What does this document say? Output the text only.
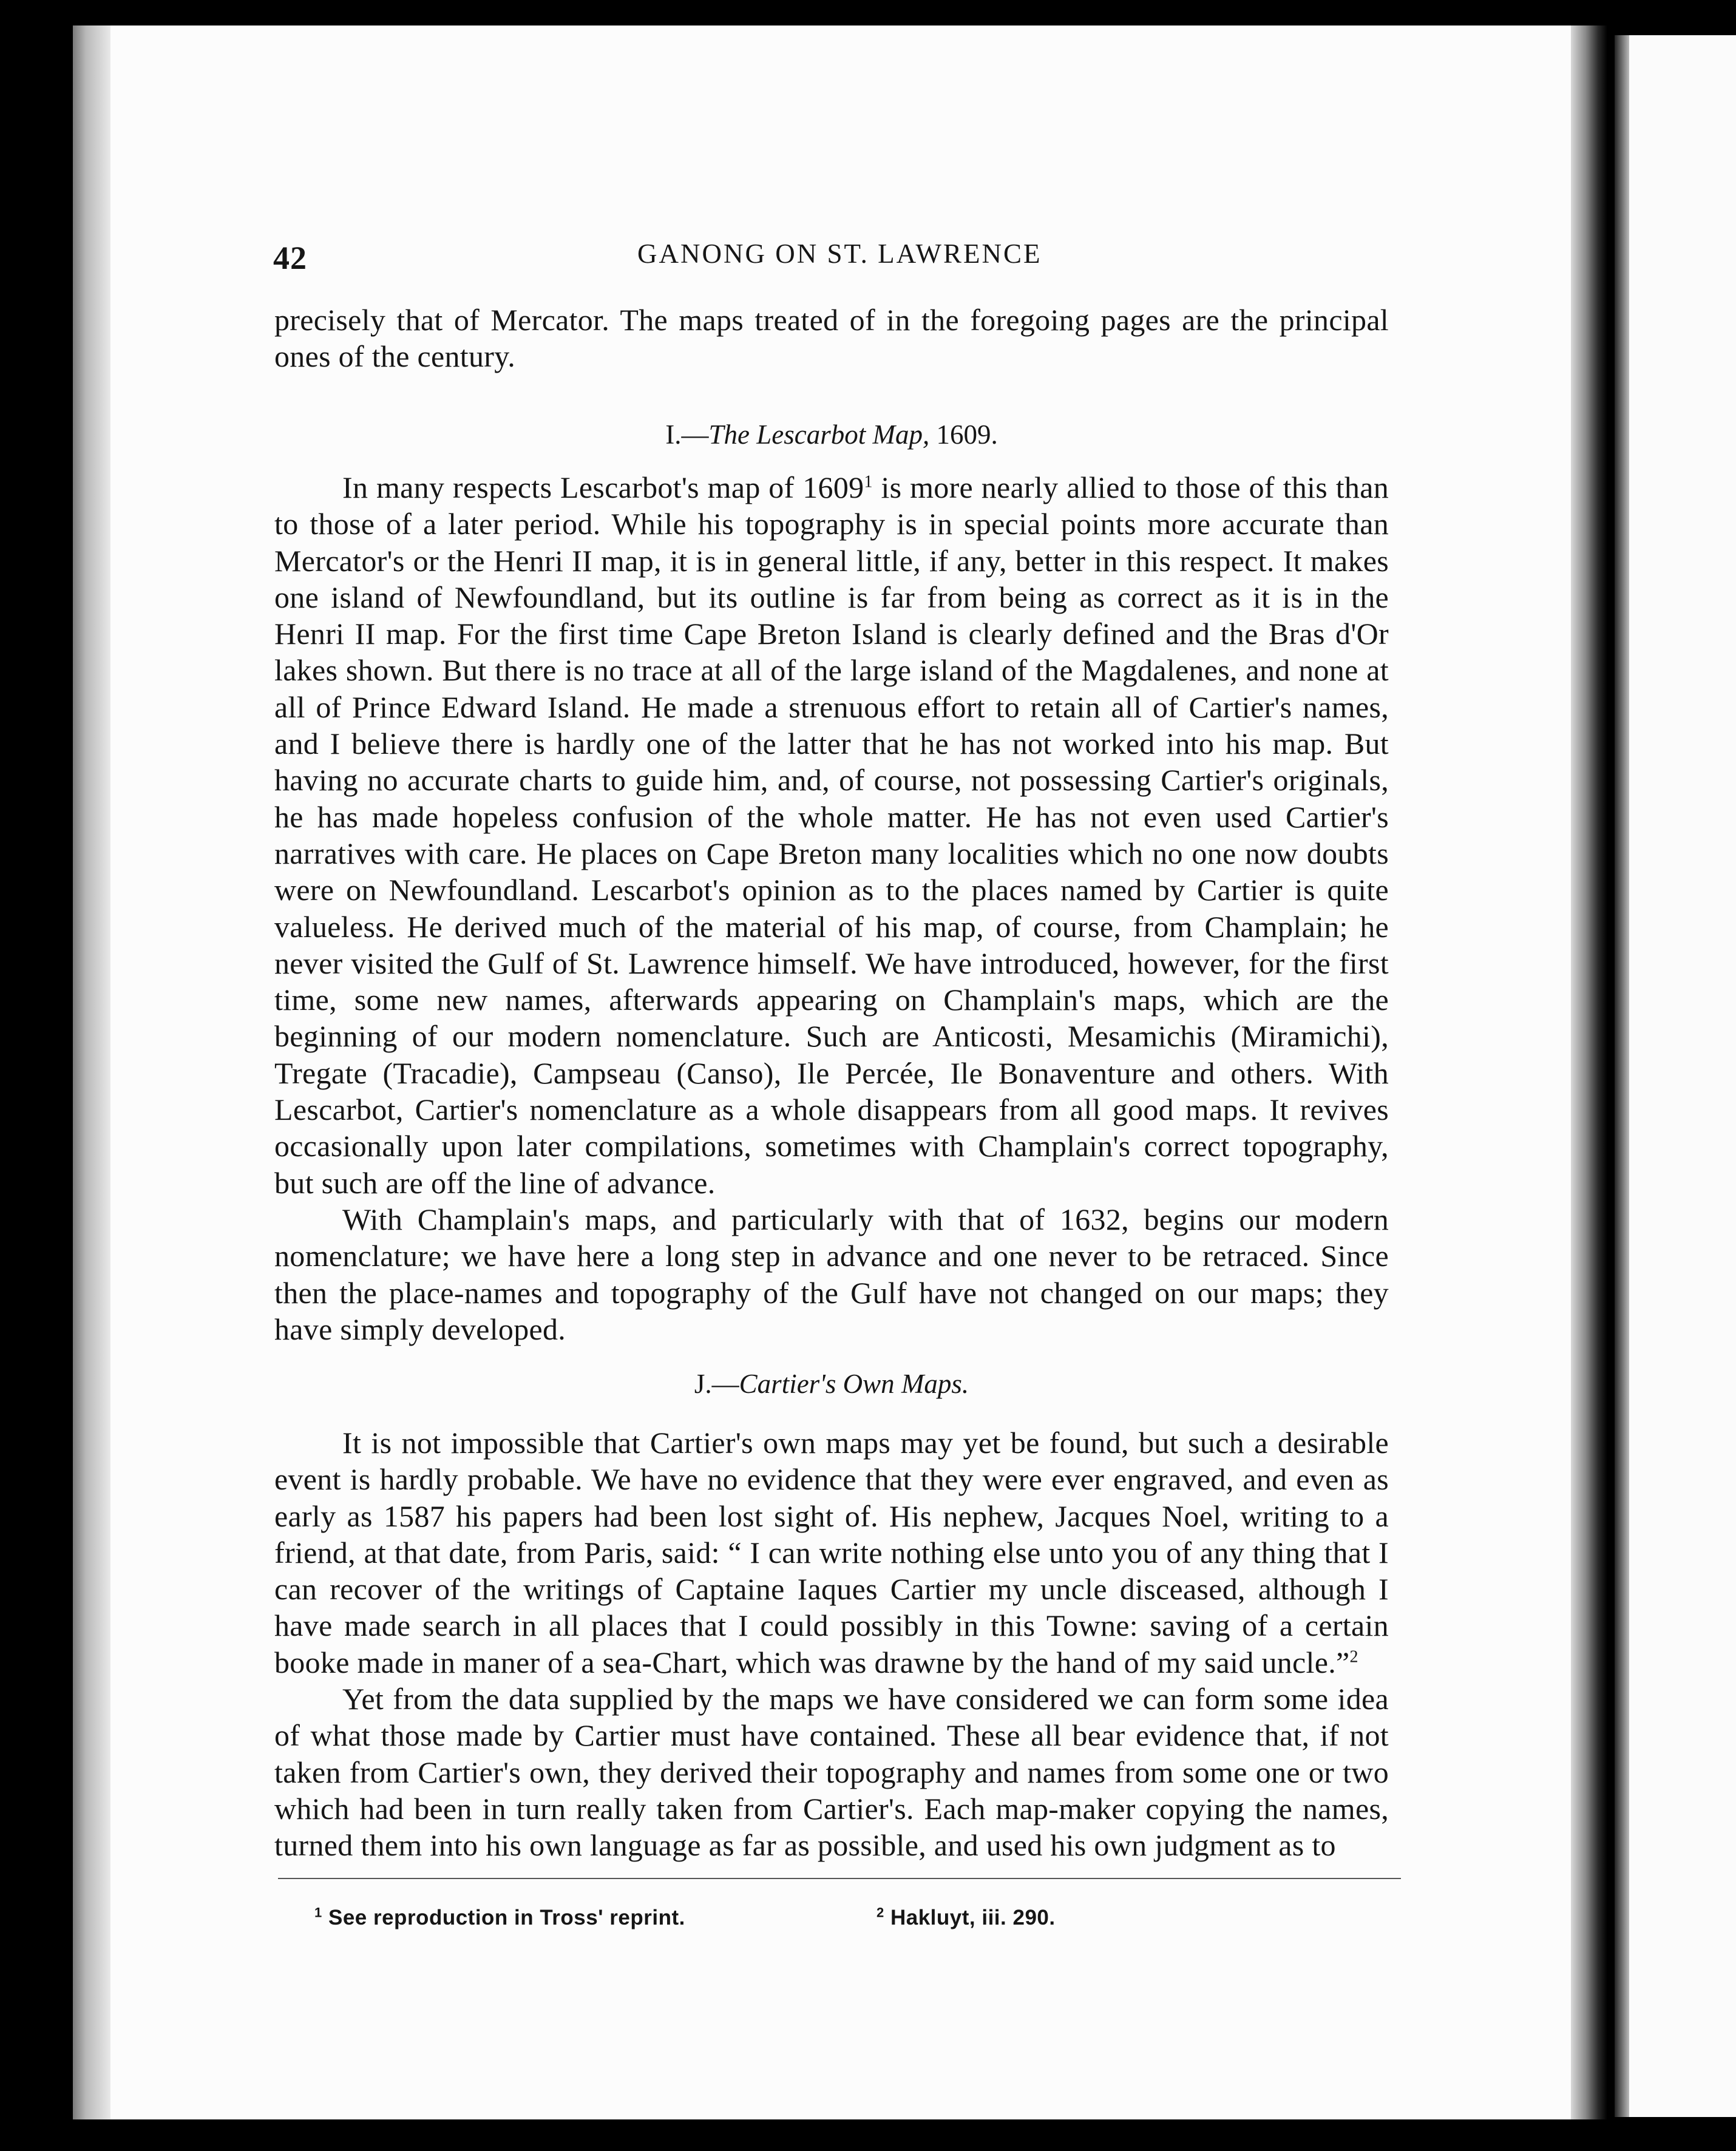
42	GANONG ON ST. LAWRENCE

precisely that of Mercator. The maps treated of in the foregoing pages are the principal ones of the century.

I.—The Lescarbot Map, 1609.

In many respects Lescarbot's map of 1609$^1$ is more nearly allied to those of this than to those of a later period. While his topography is in special points more accurate than Mercator's or the Henri II map, it is in general little, if any, better in this respect. It makes one island of Newfoundland, but its outline is far from being as correct as it is in the Henri II map. For the first time Cape Breton Island is clearly defined and the Bras d'Or lakes shown. But there is no trace at all of the large island of the Magdalenes, and none at all of Prince Edward Island. He made a strenuous effort to retain all of Cartier's names, and I believe there is hardly one of the latter that he has not worked into his map. But having no accurate charts to guide him, and, of course, not possessing Cartier's originals, he has made hopeless confusion of the whole matter. He has not even used Cartier's narratives with care. He places on Cape Breton many localities which no one now doubts were on Newfoundland. Lescarbot's opinion as to the places named by Cartier is quite valueless. He derived much of the material of his map, of course, from Champlain; he never visited the Gulf of St. Lawrence himself. We have introduced, however, for the first time, some new names, afterwards appearing on Champlain's maps, which are the beginning of our modern nomenclature. Such are Anticosti, Mesamichis (Miramichi), Tregate (Tracadie), Campseau (Canso), Ile Percée, Ile Bonaventure and others. With Lescarbot, Cartier's nomenclature as a whole disappears from all good maps. It revives occasionally upon later compilations, sometimes with Champlain's correct topography, but such are off the line of advance.

With Champlain's maps, and particularly with that of 1632, begins our modern nomenclature; we have here a long step in advance and one never to be retraced. Since then the place-names and topography of the Gulf have not changed on our maps; they have simply developed.

J.—Cartier's Own Maps.

It is not impossible that Cartier's own maps may yet be found, but such a desirable event is hardly probable. We have no evidence that they were ever engraved, and even as early as 1587 his papers had been lost sight of. His nephew, Jacques Noel, writing to a friend, at that date, from Paris, said: “ I can write nothing else unto you of any thing that I can recover of the writings of Captaine Iaques Cartier my uncle disceased, although I have made search in all places that I could possibly in this Towne: saving of a certain booke made in maner of a sea-Chart, which was drawne by the hand of my said uncle.”$^2$

Yet from the data supplied by the maps we have considered we can form some idea of what those made by Cartier must have contained. These all bear evidence that, if not taken from Cartier's own, they derived their topography and names from some one or two which had been in turn really taken from Cartier's. Each map-maker copying the names, turned them into his own language as far as possible, and used his own judgment as to

$^1$ See reproduction in Tross' reprint.	$^2$ Hakluyt, iii. 290.
